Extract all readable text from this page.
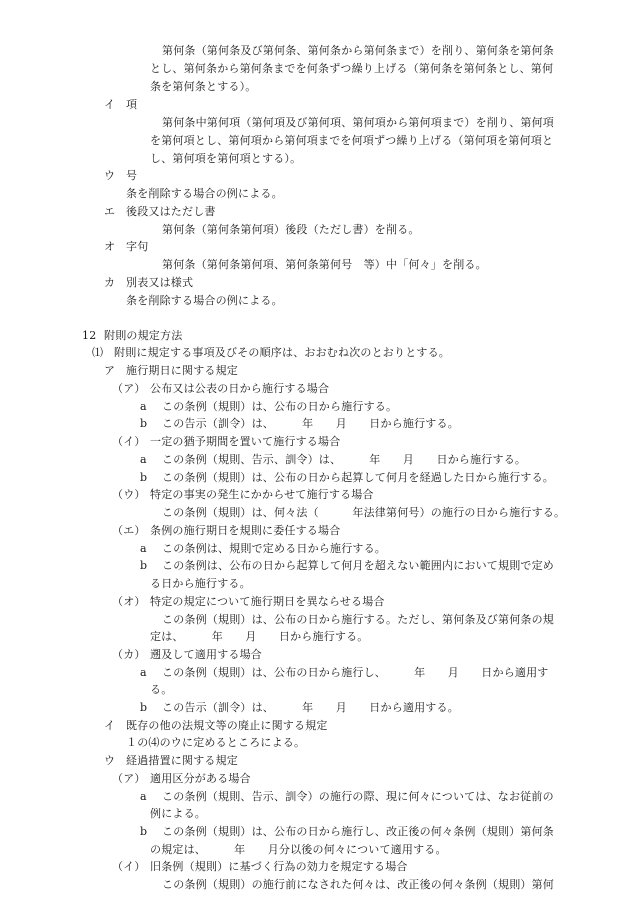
第何条（第何条及び第何条、第何条から第何条まで）を削り、第何条を第何条
とし、第何条から第何条までを何条ずつ繰り上げる（第何条を第何条とし、第何
条を第何条とする）。
イ 項
第何条中第何項（第何項及び第何項、第何項から第何項まで）を削り、第何項
を第何項とし、第何項から第何項までを何項ずつ繰り上げる（第何項を第何項と
し、第何項を第何項とする）。
ウ 号
条を削除する場合の例による。
エ 後段又はただし書
第何条（第何条第何項）後段（ただし書）を削る。
オ 字句
第何条（第何条第何項、第何条第何号　等）中「何々」を削る。
カ 別表又は様式
条を削除する場合の例による。
12 附則の規定方法
⑴ 附則に規定する事項及びその順序は、おおむね次のとおりとする。
ア 施行期日に関する規定
（ア） 公布又は公表の日から施行する場合
a この条例（規則）は、公布の日から施行する。
b この告示（訓令）は、　　　年　　月　　日から施行する。
（イ） 一定の猶予期間を置いて施行する場合
a この条例（規則、告示、訓令）は、　　　年　　月　　日から施行する。
b この条例（規則）は、公布の日から起算して何月を経過した日から施行する。
（ウ） 特定の事実の発生にかからせて施行する場合
この条例（規則）は、何々法（　　　年法律第何号）の施行の日から施行する。
（エ） 条例の施行期日を規則に委任する場合
a この条例は、規則で定める日から施行する。
b この条例は、公布の日から起算して何月を超えない範囲内において規則で定め
る日から施行する。
（オ） 特定の規定について施行期日を異ならせる場合
この条例（規則）は、公布の日から施行する。ただし、第何条及び第何条の規
定は、　　　年　　月　　日から施行する。
（カ） 遡及して適用する場合
a この条例（規則）は、公布の日から施行し、　　　年　　月　　日から適用す
る。
b この告示（訓令）は、　　　年　　月　　日から適用する。
イ 既存の他の法規文等の廃止に関する規定
１の⑷のウに定めるところによる。
ウ 経過措置に関する規定
（ア） 適用区分がある場合
a この条例（規則、告示、訓令）の施行の際、現に何々については、なお従前の
例による。
b この条例（規則）は、公布の日から施行し、改正後の何々条例（規則）第何条
の規定は、　　　年　　月分以後の何々について適用する。
（イ） 旧条例（規則）に基づく行為の効力を規定する場合
この条例（規則）の施行前になされた何々は、改正後の何々条例（規則）第何
